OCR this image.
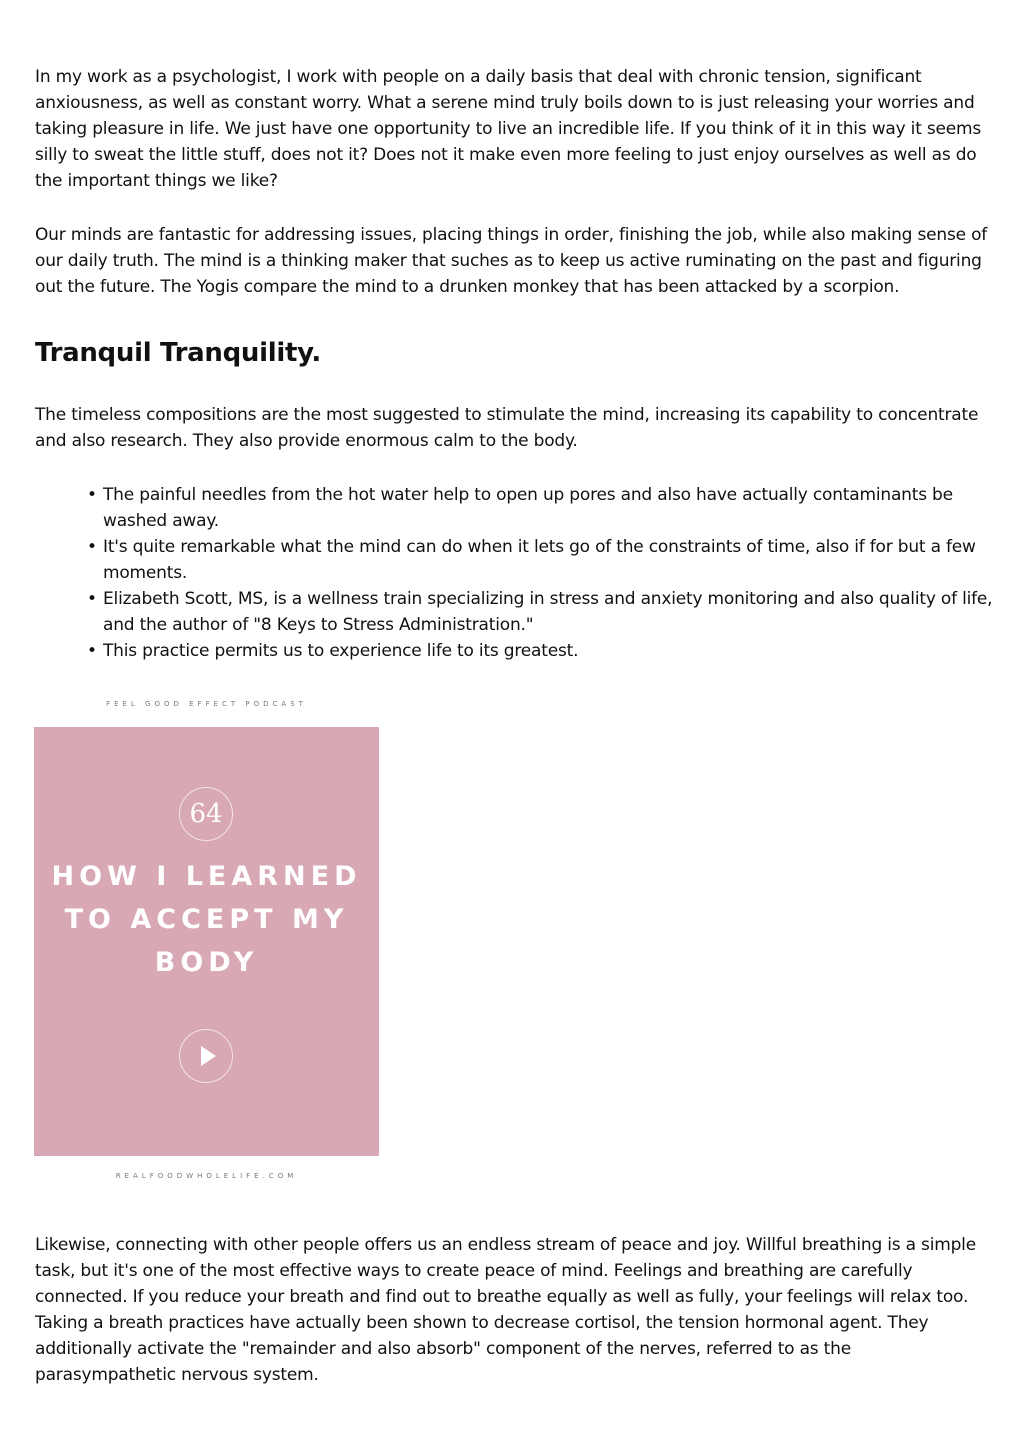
In my work as a psychologist, I work with people on a daily basis that deal with chronic tension, significant anxiousness, as well as constant worry. What a serene mind truly boils down to is just releasing your worries and taking pleasure in life. We just have one opportunity to live an incredible life. If you think of it in this way it seems silly to sweat the little stuff, does not it? Does not it make even more feeling to just enjoy ourselves as well as do the important things we like?

Our minds are fantastic for addressing issues, placing things in order, finishing the job, while also making sense of our daily truth. The mind is a thinking maker that suches as to keep us active ruminating on the past and figuring out the future. The Yogis compare the mind to a drunken monkey that has been attacked by a scorpion.

Tranquil Tranquility.

The timeless compositions are the most suggested to stimulate the mind, increasing its capability to concentrate and also research. They also provide enormous calm to the body.

• The painful needles from the hot water help to open up pores and also have actually contaminants be washed away.
• It's quite remarkable what the mind can do when it lets go of the constraints of time, also if for but a few moments.
• Elizabeth Scott, MS, is a wellness train specializing in stress and anxiety monitoring and also quality of life, and the author of "8 Keys to Stress Administration."
• This practice permits us to experience life to its greatest.
FEEL GOOD EFFECT PODCAST
64
HOW I LEARNED TO ACCEPT MY BODY
REALFOODWHOLELIFE.COM

Likewise, connecting with other people offers us an endless stream of peace and joy. Willful breathing is a simple task, but it's one of the most effective ways to create peace of mind. Feelings and breathing are carefully connected. If you reduce your breath and find out to breathe equally as well as fully, your feelings will relax too. Taking a breath practices have actually been shown to decrease cortisol, the tension hormonal agent. They additionally activate the "remainder and also absorb" component of the nerves, referred to as the parasympathetic nervous system.
